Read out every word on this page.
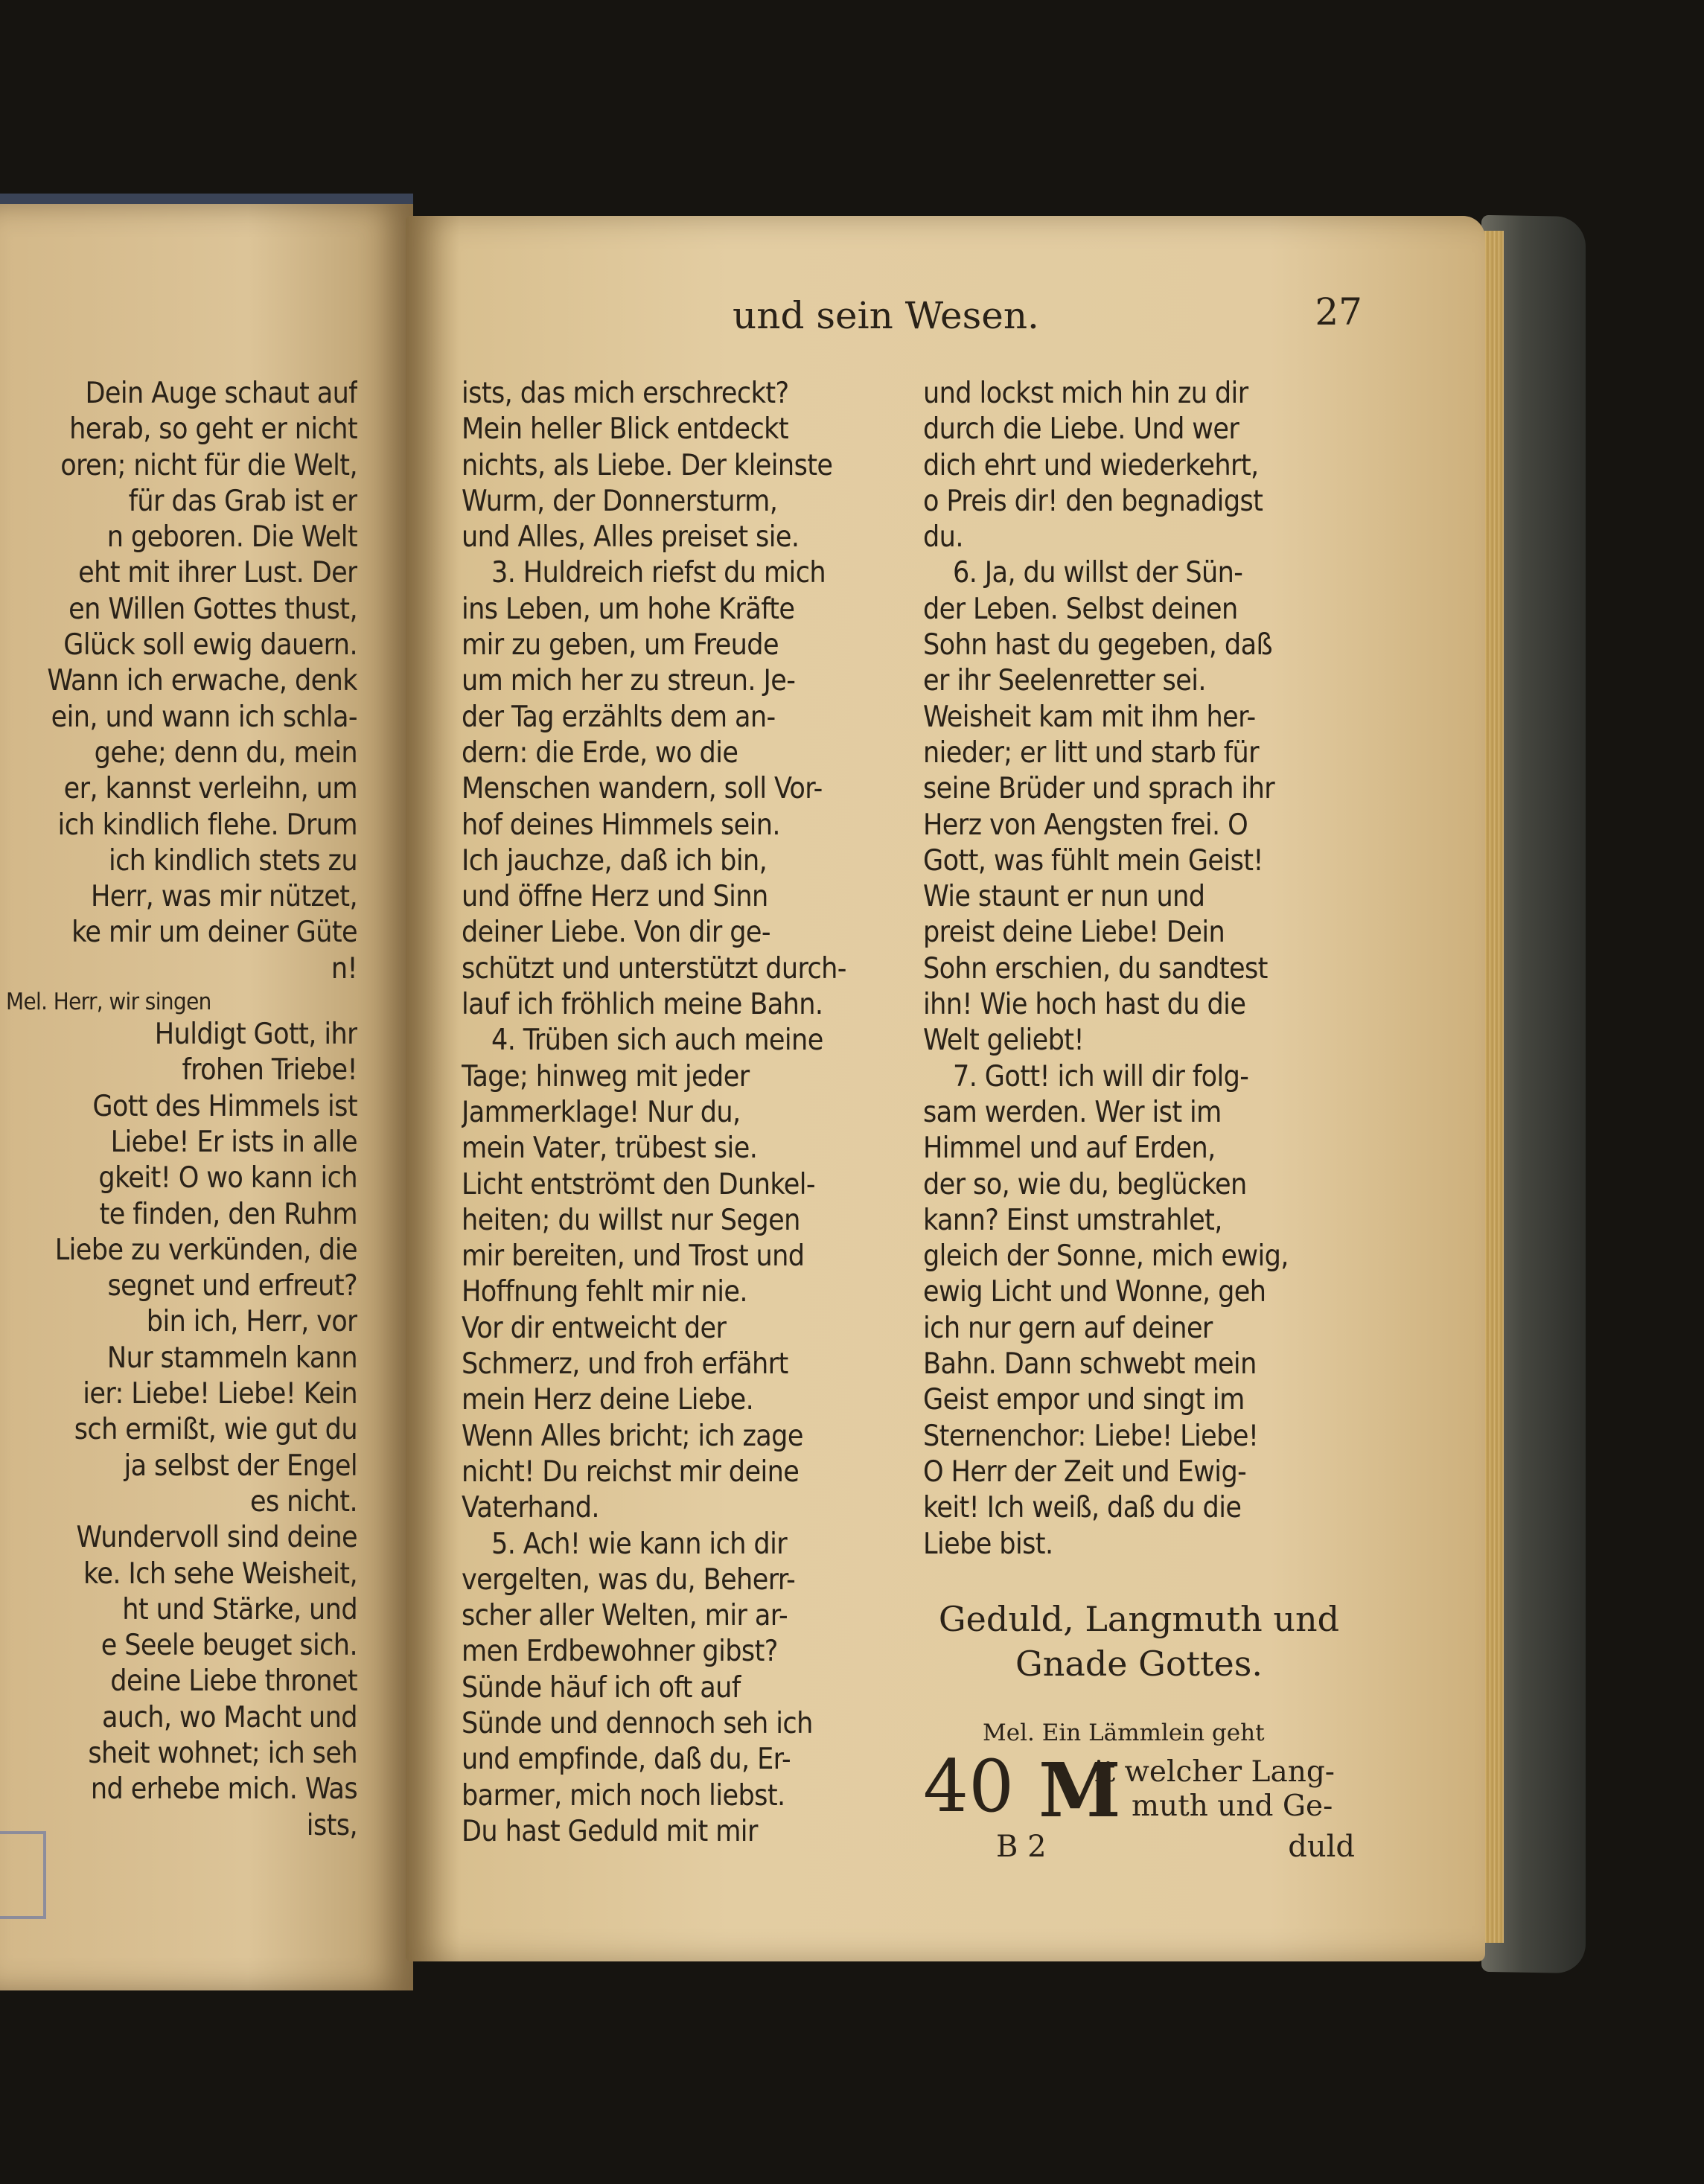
und sein Wesen.	27
Dein Auge schaut auf
herab, so geht er nicht
oren; nicht für die Welt,
für das Grab ist er
n geboren. Die Welt
eht mit ihrer Lust. Der
en Willen Gottes thust,
Glück soll ewig dauern.
Wann ich erwache, denk
ein, und wann ich schla-
gehe; denn du, mein
er, kannst verleihn, um
ich kindlich flehe. Drum
ich kindlich stets zu
Herr, was mir nützet,
ke mir um deiner Güte
n!
Mel. Herr, wir singen
Huldigt Gott, ihr
frohen Triebe!
Gott des Himmels ist
Liebe! Er ists in alle
gkeit! O wo kann ich
te finden, den Ruhm
Liebe zu verkünden, die
segnet und erfreut?
bin ich, Herr, vor
Nur stammeln kann
ier: Liebe! Liebe! Kein
sch ermißt, wie gut du
ja selbst der Engel
es nicht.
Wundervoll sind deine
ke. Ich sehe Weisheit,
ht und Stärke, und
e Seele beuget sich.
deine Liebe thronet
auch, wo Macht und
sheit wohnet; ich seh
nd erhebe mich. Was
ists,
ists, das mich erschreckt?
Mein heller Blick entdeckt
nichts, als Liebe. Der kleinste
Wurm, der Donnersturm,
und Alles, Alles preiset sie.
3. Huldreich riefst du mich
ins Leben, um hohe Kräfte
mir zu geben, um Freude
um mich her zu streun. Je-
der Tag erzählts dem an-
dern: die Erde, wo die
Menschen wandern, soll Vor-
hof deines Himmels sein.
Ich jauchze, daß ich bin,
und öffne Herz und Sinn
deiner Liebe. Von dir ge-
schützt und unterstützt durch-
lauf ich fröhlich meine Bahn.
4. Trüben sich auch meine
Tage; hinweg mit jeder
Jammerklage! Nur du,
mein Vater, trübest sie.
Licht entströmt den Dunkel-
heiten; du willst nur Segen
mir bereiten, und Trost und
Hoffnung fehlt mir nie.
Vor dir entweicht der
Schmerz, und froh erfährt
mein Herz deine Liebe.
Wenn Alles bricht; ich zage
nicht! Du reichst mir deine
Vaterhand.
5. Ach! wie kann ich dir
vergelten, was du, Beherr-
scher aller Welten, mir ar-
men Erdbewohner gibst?
Sünde häuf ich oft auf
Sünde und dennoch seh ich
und empfinde, daß du, Er-
barmer, mich noch liebst.
Du hast Geduld mit mir
und lockst mich hin zu dir
durch die Liebe. Und wer
dich ehrt und wiederkehrt,
o Preis dir! den begnadigst
du.
6. Ja, du willst der Sün-
der Leben. Selbst deinen
Sohn hast du gegeben, daß
er ihr Seelenretter sei.
Weisheit kam mit ihm her-
nieder; er litt und starb für
seine Brüder und sprach ihr
Herz von Aengsten frei. O
Gott, was fühlt mein Geist!
Wie staunt er nun und
preist deine Liebe! Dein
Sohn erschien, du sandtest
ihn! Wie hoch hast du die
Welt geliebt!
7. Gott! ich will dir folg-
sam werden. Wer ist im
Himmel und auf Erden,
der so, wie du, beglücken
kann? Einst umstrahlet,
gleich der Sonne, mich ewig,
ewig Licht und Wonne, geh
ich nur gern auf deiner
Bahn. Dann schwebt mein
Geist empor und singt im
Sternenchor: Liebe! Liebe!
O Herr der Zeit und Ewig-
keit! Ich weiß, daß du die
Liebe bist.
Geduld, Langmuth und
Gnade Gottes.
Mel. Ein Lämmlein geht
40 M
it welcher Lang-
muth und Ge-
B 2	duld
